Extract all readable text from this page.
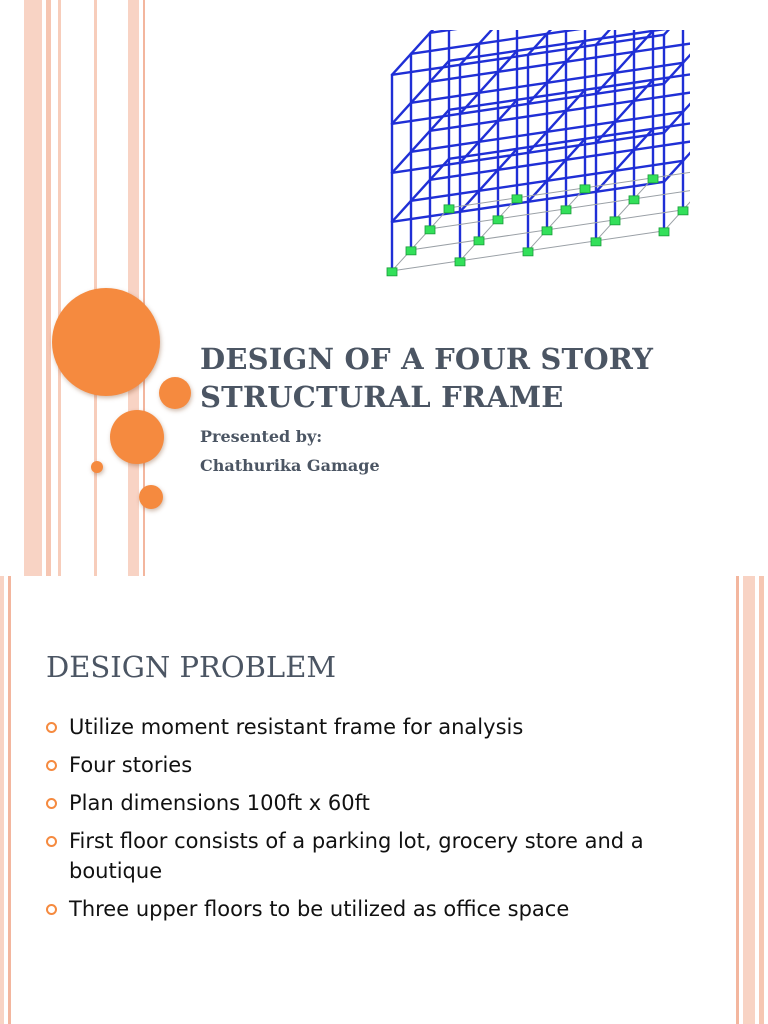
DESIGN OF A FOUR STORY
STRUCTURAL FRAME

Presented by:

Chathurika Gamage

DESIGN PROBLEM
Utilize moment resistant frame for analysis
Four stories
Plan dimensions 100ft x 60ft
First floor consists of a parking lot, grocery store and a boutique
Three upper floors to be utilized as office space
